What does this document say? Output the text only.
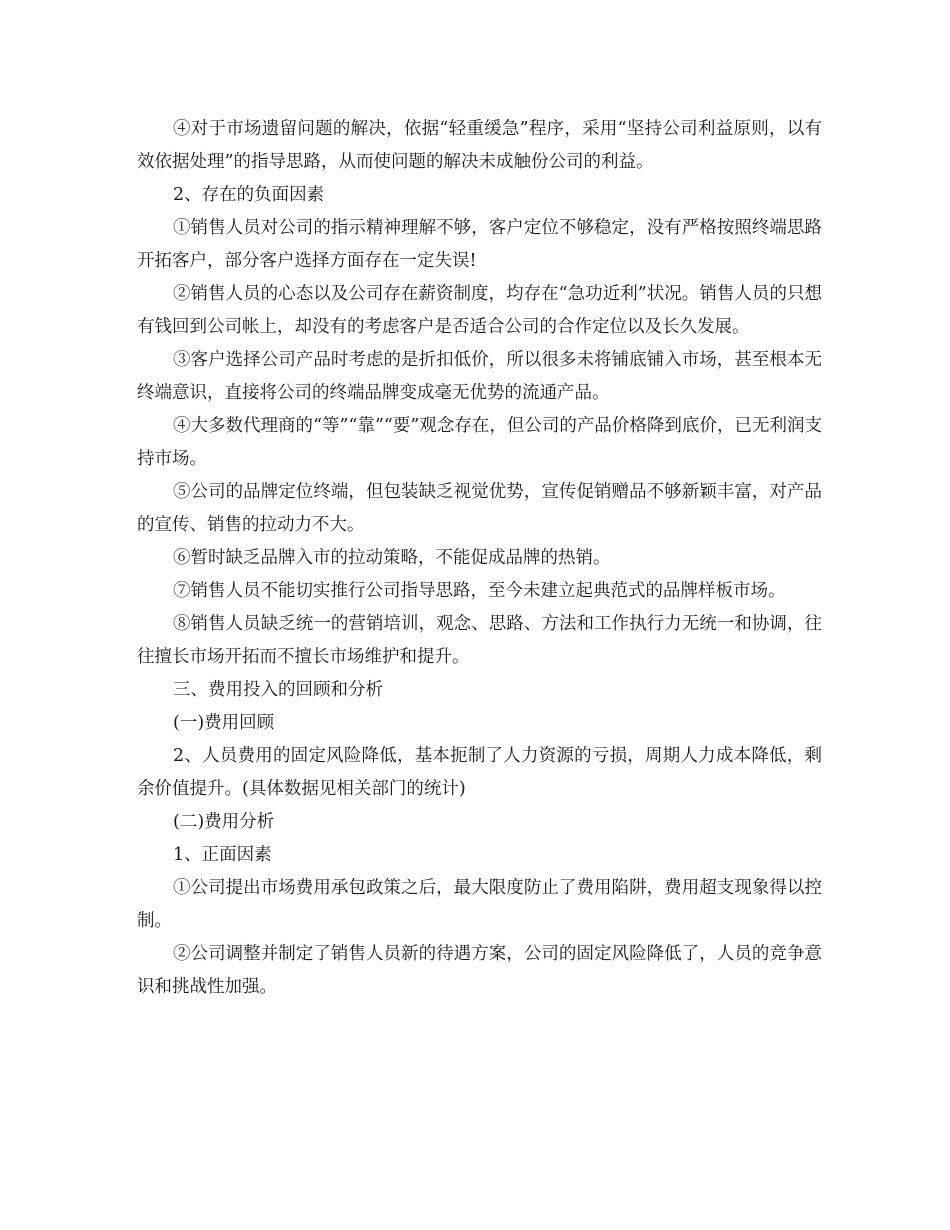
④对于市场遗留问题的解决，依据“轻重缓急”程序，采用“坚持公司利益原则，以有效依据处理”的指导思路，从而使问题的解决未成触份公司的利益。

2、存在的负面因素

①销售人员对公司的指示精神理解不够，客户定位不够稳定，没有严格按照终端思路开拓客户，部分客户选择方面存在一定失误!

②销售人员的心态以及公司存在薪资制度，均存在“急功近利”状况。销售人员的只想有钱回到公司帐上，却没有的考虑客户是否适合公司的合作定位以及长久发展。

③客户选择公司产品时考虑的是折扣低价，所以很多未将铺底铺入市场，甚至根本无终端意识，直接将公司的终端品牌变成毫无优势的流通产品。

④大多数代理商的“等”“靠”“要”观念存在，但公司的产品价格降到底价，已无利润支持市场。

⑤公司的品牌定位终端，但包装缺乏视觉优势，宣传促销赠品不够新颖丰富，对产品的宣传、销售的拉动力不大。

⑥暂时缺乏品牌入市的拉动策略，不能促成品牌的热销。

⑦销售人员不能切实推行公司指导思路，至今未建立起典范式的品牌样板市场。

⑧销售人员缺乏统一的营销培训，观念、思路、方法和工作执行力无统一和协调，往往擅长市场开拓而不擅长市场维护和提升。

三、费用投入的回顾和分析

(一)费用回顾

2、人员费用的固定风险降低，基本扼制了人力资源的亏损，周期人力成本降低，剩余价值提升。(具体数据见相关部门的统计)

(二)费用分析

1、正面因素

①公司提出市场费用承包政策之后，最大限度防止了费用陷阱，费用超支现象得以控制。

②公司调整并制定了销售人员新的待遇方案，公司的固定风险降低了，人员的竞争意识和挑战性加强。
